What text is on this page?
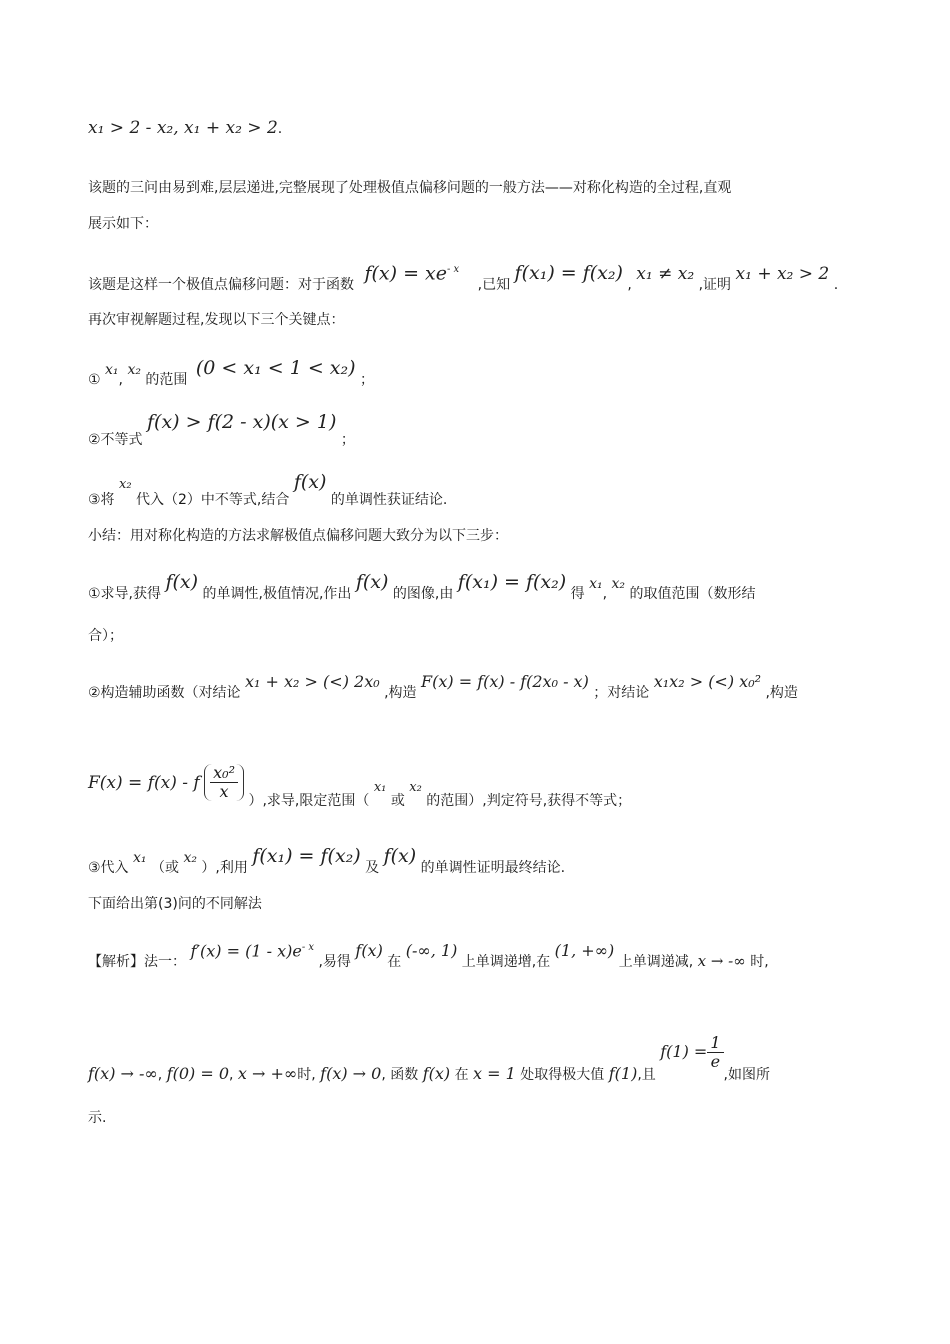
x₁ > 2 - x₂, x₁ + x₂ > 2.
该题的三问由易到难,层层递进,完整展现了处理极值点偏移问题的一般方法——对称化构造的全过程,直观
展示如下：
该题是这样一个极值点偏移问题：对于函数 $f(x) = xe^{- x}$ ,已知 f(x₁) = f(x₂) , x₁ ≠ x₂ ,证明 x₁ + x₂ > 2 .
再次审视解题过程,发现以下三个关键点：
① x₁, x₂ 的范围 (0 < x₁ < 1 < x₂) ；
②不等式 f(x) > f(2 - x)(x > 1) ；
③将 x₂ 代入（2）中不等式,结合 f(x) 的单调性获证结论.
小结：用对称化构造的方法求解极值点偏移问题大致分为以下三步：
①求导,获得 f(x) 的单调性,极值情况,作出 f(x) 的图像,由 f(x₁) = f(x₂) 得 x₁, x₂ 的取值范围（数形结
合）；
②构造辅助函数（对结论 x₁ + x₂ > (<) 2x₀ ,构造 F(x) = f(x) - f(2x₀ - x) ；对结论 x₁x₂ > (<) x₀² ,构造
F(x) = f(x) - f $\frac{\text{x₀²}}{x}$ ）,求导,限定范围（ x₁ 或 x₂ 的范围）,判定符号,获得不等式；
③代入 x₁ （或 x₂ ）,利用 f(x₁) = f(x₂) 及 f(x) 的单调性证明最终结论.
下面给出第(3)问的不同解法
【解析】法一： $f'(x) = (1 - x)e^{- x}$ ,易得 f(x) 在 (-∞, 1) 上单调递增,在 (1, +∞) 上单调递减, x → -∞ 时,
f(x) → -∞, f(0) = 0, x → +∞时, f(x) → 0, 函数 f(x) 在 x = 1 处取得极大值 f(1),且 $f(1) = \frac{1}{e}$
,如图所
示.
